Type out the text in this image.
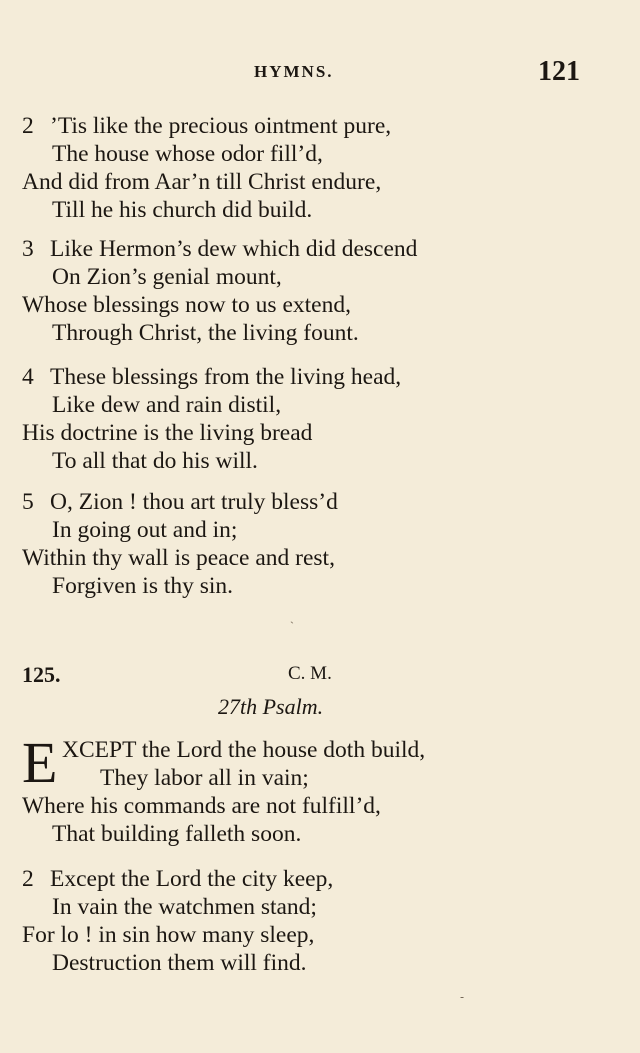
HYMNS.	121
2 ’Tis like the precious ointment pure,
The house whose odor fill’d,
And did from Aar’n till Christ endure,
Till he his church did build.
3 Like Hermon’s dew which did descend
On Zion’s genial mount,
Whose blessings now to us extend,
Through Christ, the living fount.
4 These blessings from the living head,
Like dew and rain distil,
His doctrine is the living bread
To all that do his will.
5 O, Zion ! thou art truly bless’d
In going out and in;
Within thy wall is peace and rest,
Forgiven is thy sin.
ˏ
125.	C. M.
27th Psalm.
E XCEPT the Lord the house doth build,
They labor all in vain;
Where his commands are not fulfill’d,
That building falleth soon.
2 Except the Lord the city keep,
In vain the watchmen stand;
For lo ! in sin how many sleep,
Destruction them will find.
‐
